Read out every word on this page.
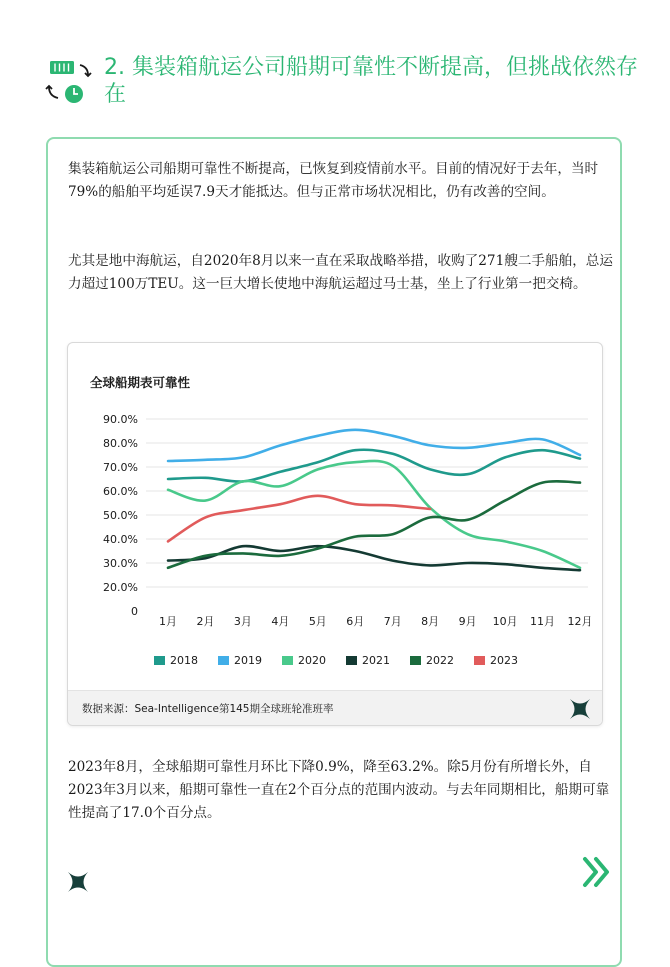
2. 集装箱航运公司船期可靠性不断提高，但挑战依然存在

集装箱航运公司船期可靠性不断提高，已恢复到疫情前水平。目前的情况好于去年，当时79%的船舶平均延误7.9天才能抵达。但与正常市场状况相比，仍有改善的空间。

尤其是地中海航运，自2020年8月以来一直在采取战略举措，收购了271艘二手船舶，总运力超过100万TEU。这一巨大增长使地中海航运超过马士基，坐上了行业第一把交椅。

全球船期表可靠性
0
20.0%
30.0%
40.0%
50.0%
60.0%
70.0%
80.0%
90.0%
1月 2月 3月 4月 5月 6月 7月 8月 9月 10月 11月 12月
2018	2019	2020	2021	2022	2023
数据来源：Sea-Intelligence第145期全球班轮准班率

2023年8月，全球船期可靠性月环比下降0.9%，降至63.2%。除5月份有所增长外，自2023年3月以来，船期可靠性一直在2个百分点的范围内波动。与去年同期相比，船期可靠性提高了17.0个百分点。
